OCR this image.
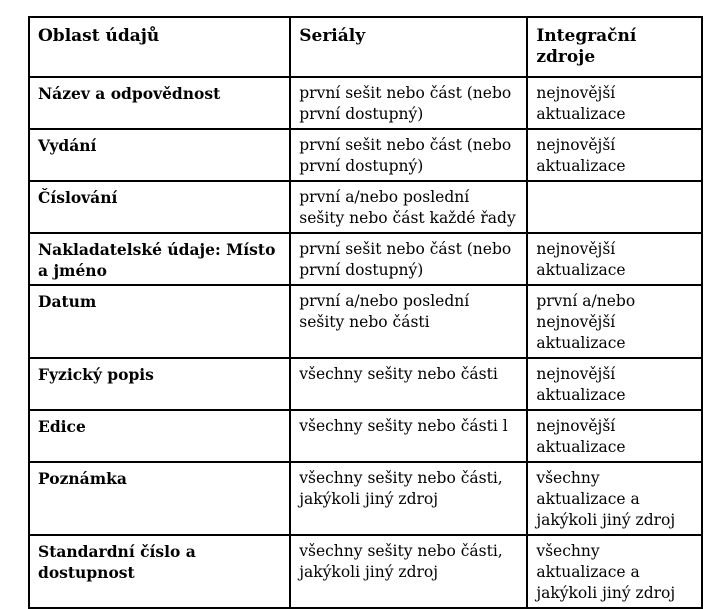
Oblast údajů	Seriály	Integrační zdroje
Název a odpovědnost	první sešit nebo část (nebo první dostupný)	nejnovější aktualizace
Vydání	první sešit nebo část (nebo první dostupný)	nejnovější aktualizace
Číslování	první a/nebo poslední sešity nebo část každé řady	
Nakladatelské údaje: Místo a jméno	první sešit nebo část (nebo první dostupný)	nejnovější aktualizace
Datum	první a/nebo poslední sešity nebo části	první a/nebo nejnovější aktualizace
Fyzický popis	všechny sešity nebo části	nejnovější aktualizace
Edice	všechny sešity nebo části l	nejnovější aktualizace
Poznámka	všechny sešity nebo části, jakýkoli jiný zdroj	všechny aktualizace a jakýkoli jiný zdroj
Standardní číslo a dostupnost	všechny sešity nebo části, jakýkoli jiný zdroj	všechny aktualizace a jakýkoli jiný zdroj
